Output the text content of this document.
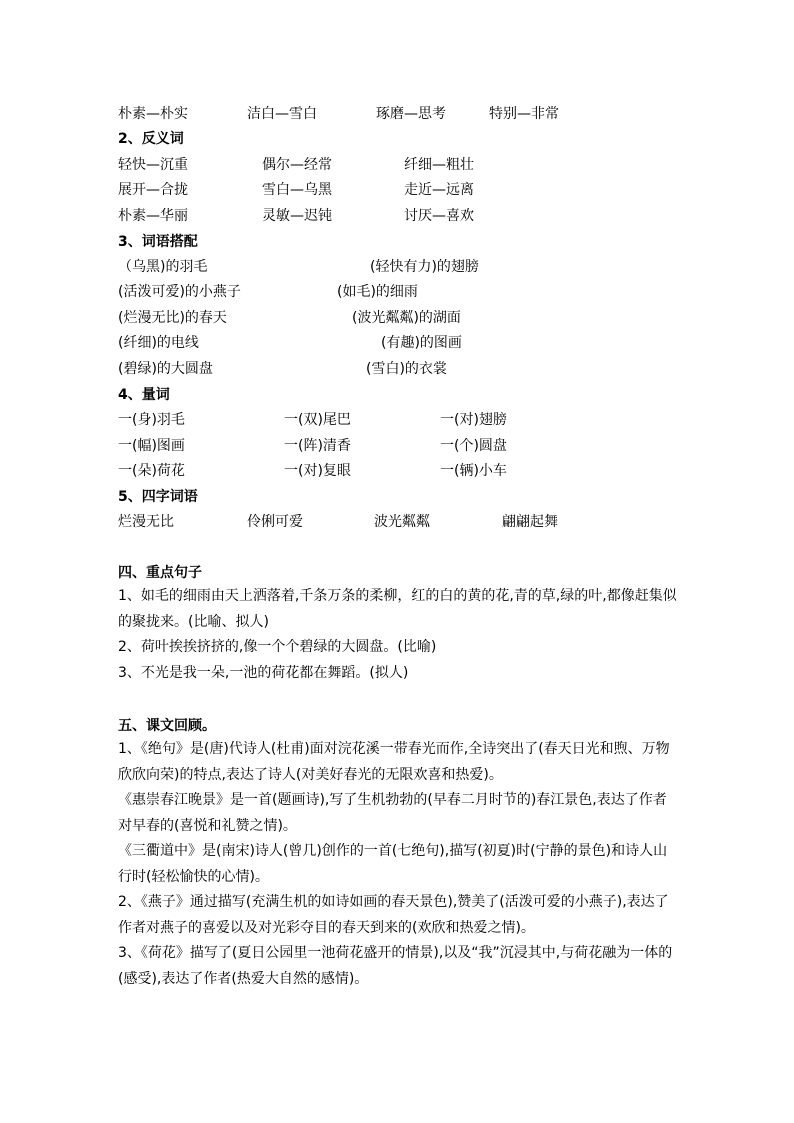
朴素—朴实	洁白—雪白	琢磨—思考	特别—非常
2、反义词
轻快—沉重	偶尔—经常	纤细—粗壮
展开—合拢	雪白—乌黑	走近—远离
朴素—华丽	灵敏—迟钝	讨厌—喜欢
3、词语搭配
（乌黑)的羽毛	(轻快有力)的翅膀
(活泼可爱)的小燕子	(如毛)的细雨
(烂漫无比)的春天	(波光粼粼)的湖面
(纤细)的电线	(有趣)的图画
(碧绿)的大圆盘	(雪白)的衣裳
4、量词
一(身)羽毛	一(双)尾巴	一(对)翅膀
一(幅)图画	一(阵)清香	一(个)圆盘
一(朵)荷花	一(对)复眼	一(辆)小车
5、四字词语
烂漫无比	伶俐可爱	波光粼粼	翩翩起舞
四、重点句子
1、如毛的细雨由天上洒落着,千条万条的柔柳，红的白的黄的花,青的草,绿的叶,都像赶集似的聚拢来。(比喻、拟人)
2、荷叶挨挨挤挤的,像一个个碧绿的大圆盘。(比喻)
3、不光是我一朵,一池的荷花都在舞蹈。(拟人)
五、课文回顾。
1、《绝句》是(唐)代诗人(杜甫)面对浣花溪一带春光而作,全诗突出了(春天日光和煦、万物欣欣向荣)的特点,表达了诗人(对美好春光的无限欢喜和热爱)。
《惠崇春江晚景》是一首(题画诗),写了生机勃勃的(早春二月时节的)春江景色,表达了作者对早春的(喜悦和礼赞之情)。
《三衢道中》是(南宋)诗人(曾几)创作的一首(七绝句),描写(初夏)时(宁静的景色)和诗人山行时(轻松愉快的心情)。
2、《燕子》通过描写(充满生机的如诗如画的春天景色),赞美了(活泼可爱的小燕子),表达了作者对燕子的喜爱以及对光彩夺目的春天到来的(欢欣和热爱之情)。
3、《荷花》描写了(夏日公园里一池荷花盛开的情景),以及“我”沉浸其中,与荷花融为一体的(感受),表达了作者(热爱大自然的感情)。
